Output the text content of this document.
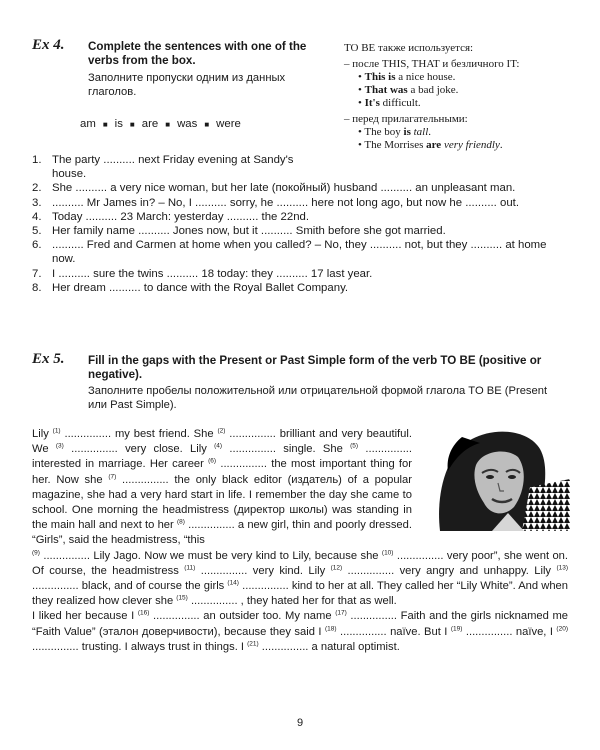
Ex 4. Complete the sentences with one of the verbs from the box.
Заполните пропуски одним из данных глаголов.
am ■ is ■ are ■ was ■ were
TO BE также используется:
– после THIS, THAT и безличного IT:
• This is a nice house.
• That was a bad joke.
• It's difficult.
– перед прилагательными:
• The boy is tall.
• The Morrises are very friendly.
1. The party .......... next Friday evening at Sandy's house.
2. She .......... a very nice woman, but her late (покойный) husband .......... an unpleasant man.
3. .......... Mr James in? – No, I .......... sorry, he .......... here not long ago, but now he .......... out.
4. Today .......... 23 March: yesterday .......... the 22nd.
5. Her family name .......... Jones now, but it .......... Smith before she got married.
6. .......... Fred and Carmen at home when you called? – No, they .......... not, but they .......... at home now.
7. I .......... sure the twins .......... 18 today: they .......... 17 last year.
8. Her dream .......... to dance with the Royal Ballet Company.
Ex 5. Fill in the gaps with the Present or Past Simple form of the verb TO BE (positive or negative).
Заполните пробелы положительной или отрицательной формой глагола TO BE (Present или Past Simple).
Lily $^{(1)}$ ............... my best friend. She $^{(2)}$ ............... brilliant and very beautiful. We $^{(3)}$ ............... very close. Lily $^{(4)}$ ............... single. She $^{(5)}$ ............... interested in marriage. Her career $^{(6)}$ ............... the most important thing for her. Now she $^{(7)}$ ............... the only black editor (издатель) of a popular magazine, she had a very hard start in life. I remember the day she came to school. One morning the headmistress (директор школы) was standing in the main hall and next to her $^{(8)}$ ............... a new girl, thin and poorly dressed. “Girls”, said the headmistress, “this
$^{(9)}$ ............... Lily Jago. Now we must be very kind to Lily, because she $^{(10)}$ ............... very poor”, she went on. Of course, the headmistress $^{(11)}$ ............... very kind. Lily $^{(12)}$ ............... very angry and unhappy. Lily $^{(13)}$ ............... black, and of course the girls $^{(14)}$ ............... kind to her at all. They called her “Lily White”. And when they realized how clever she $^{(15)}$ ............... , they hated her for that as well.
I liked her because I $^{(16)}$ ............... an outsider too. My name $^{(17)}$ ............... Faith and the girls nicknamed me “Faith Value” (эталон доверчивости), because they said I $^{(18)}$ ............... naïve. But I $^{(19)}$ ............... naïve, I $^{(20)}$ ............... trusting. I always trust in things. I $^{(21)}$ ............... a natural optimist.
9
